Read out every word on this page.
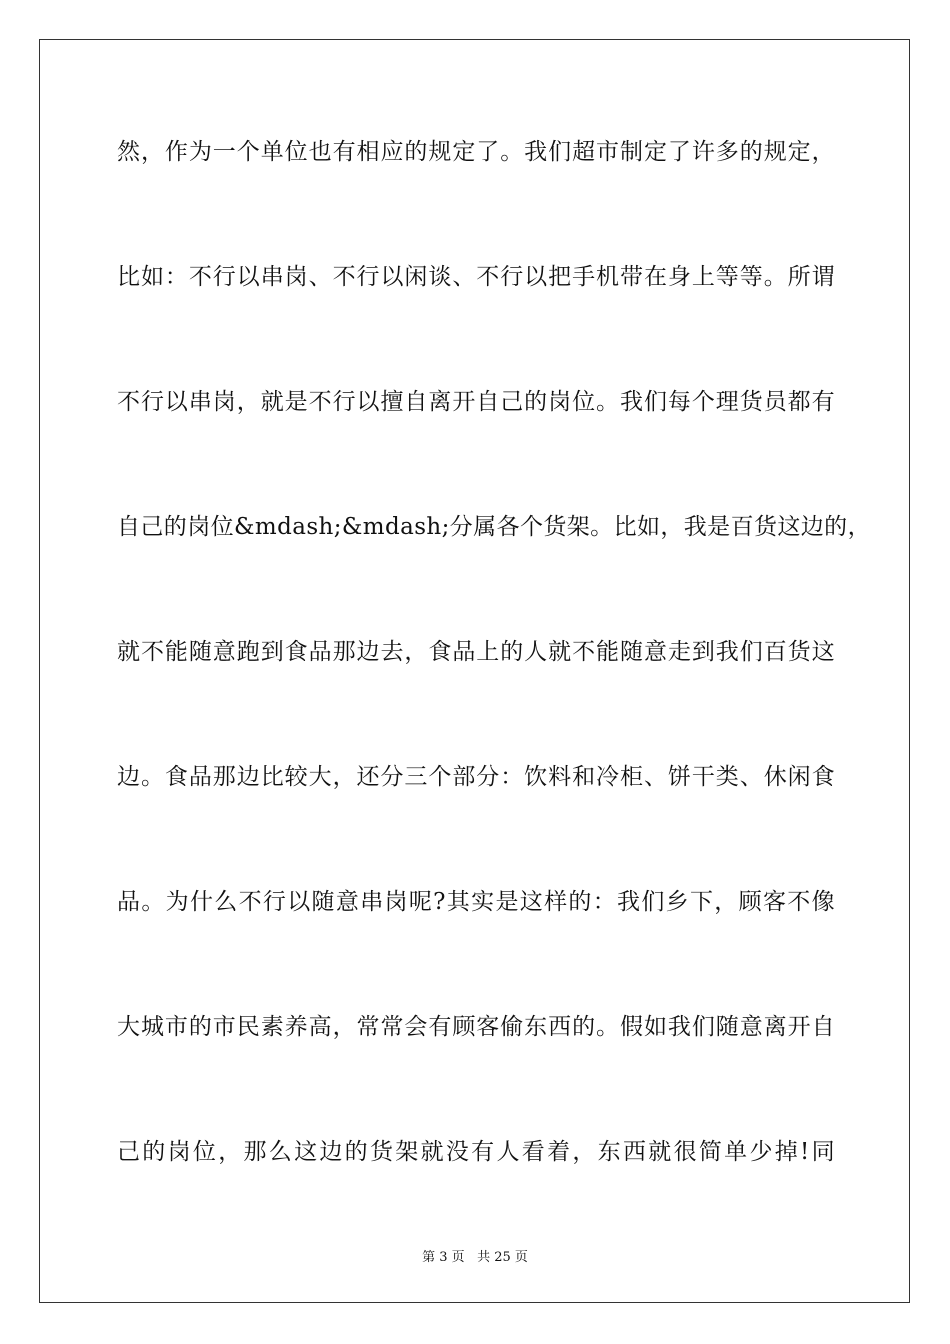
然，作为一个单位也有相应的规定了。我们超市制定了许多的规定，
比如：不行以串岗、不行以闲谈、不行以把手机带在身上等等。所谓
不行以串岗，就是不行以擅自离开自己的岗位。我们每个理货员都有
自己的岗位&mdash;&mdash;分属各个货架。比如，我是百货这边的，
就不能随意跑到食品那边去，食品上的人就不能随意走到我们百货这
边。食品那边比较大，还分三个部分：饮料和冷柜、饼干类、休闲食
品。为什么不行以随意串岗呢?其实是这样的：我们乡下，顾客不像
大城市的市民素养高，常常会有顾客偷东西的。假如我们随意离开自
己的岗位，那么这边的货架就没有人看着，东西就很简单少掉!同
第 3 页 共 25 页
